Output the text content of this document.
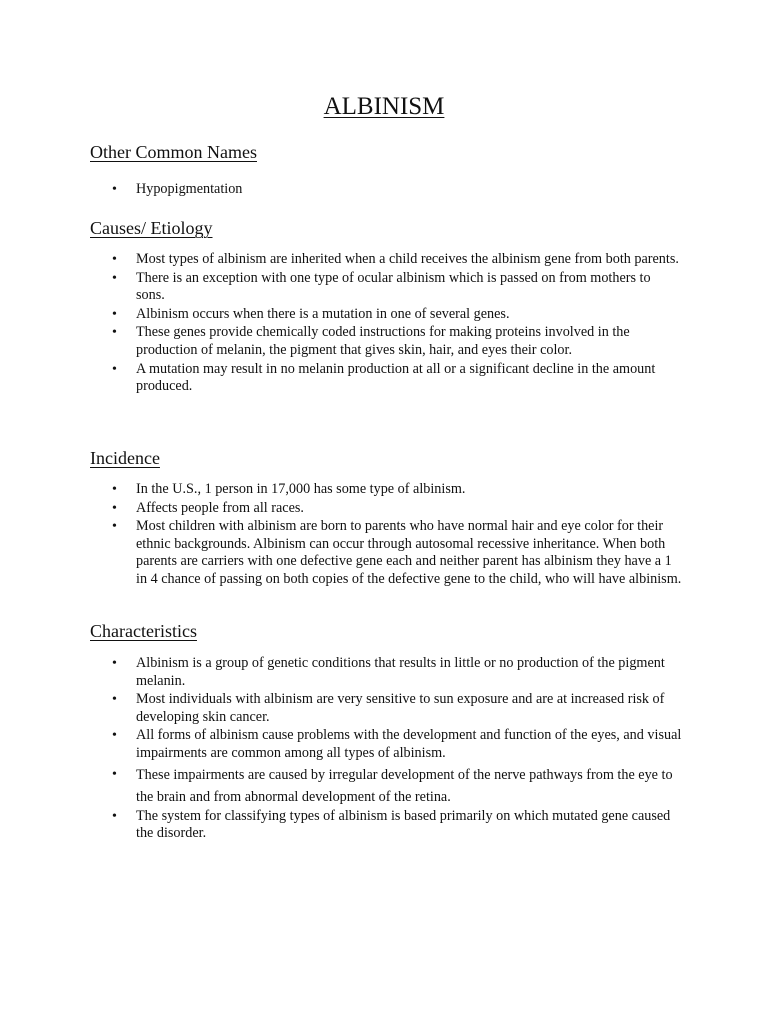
ALBINISM
Other Common Names
• Hypopigmentation
Causes/ Etiology
• Most types of albinism are inherited when a child receives the albinism gene from both parents.
• There is an exception with one type of ocular albinism which is passed on from mothers to sons.
• Albinism occurs when there is a mutation in one of several genes.
• These genes provide chemically coded instructions for making proteins involved in the production of melanin, the pigment that gives skin, hair, and eyes their color.
• A mutation may result in no melanin production at all or a significant decline in the amount produced.
Incidence
• In the U.S., 1 person in 17,000 has some type of albinism.
• Affects people from all races.
• Most children with albinism are born to parents who have normal hair and eye color for their ethnic backgrounds. Albinism can occur through autosomal recessive inheritance. When both parents are carriers with one defective gene each and neither parent has albinism they have a 1 in 4 chance of passing on both copies of the defective gene to the child, who will have albinism.
Characteristics
• Albinism is a group of genetic conditions that results in little or no production of the pigment melanin.
• Most individuals with albinism are very sensitive to sun exposure and are at increased risk of developing skin cancer.
• All forms of albinism cause problems with the development and function of the eyes, and visual impairments are common among all types of albinism.
• These impairments are caused by irregular development of the nerve pathways from the eye to the brain and from abnormal development of the retina.
• The system for classifying types of albinism is based primarily on which mutated gene caused the disorder.
